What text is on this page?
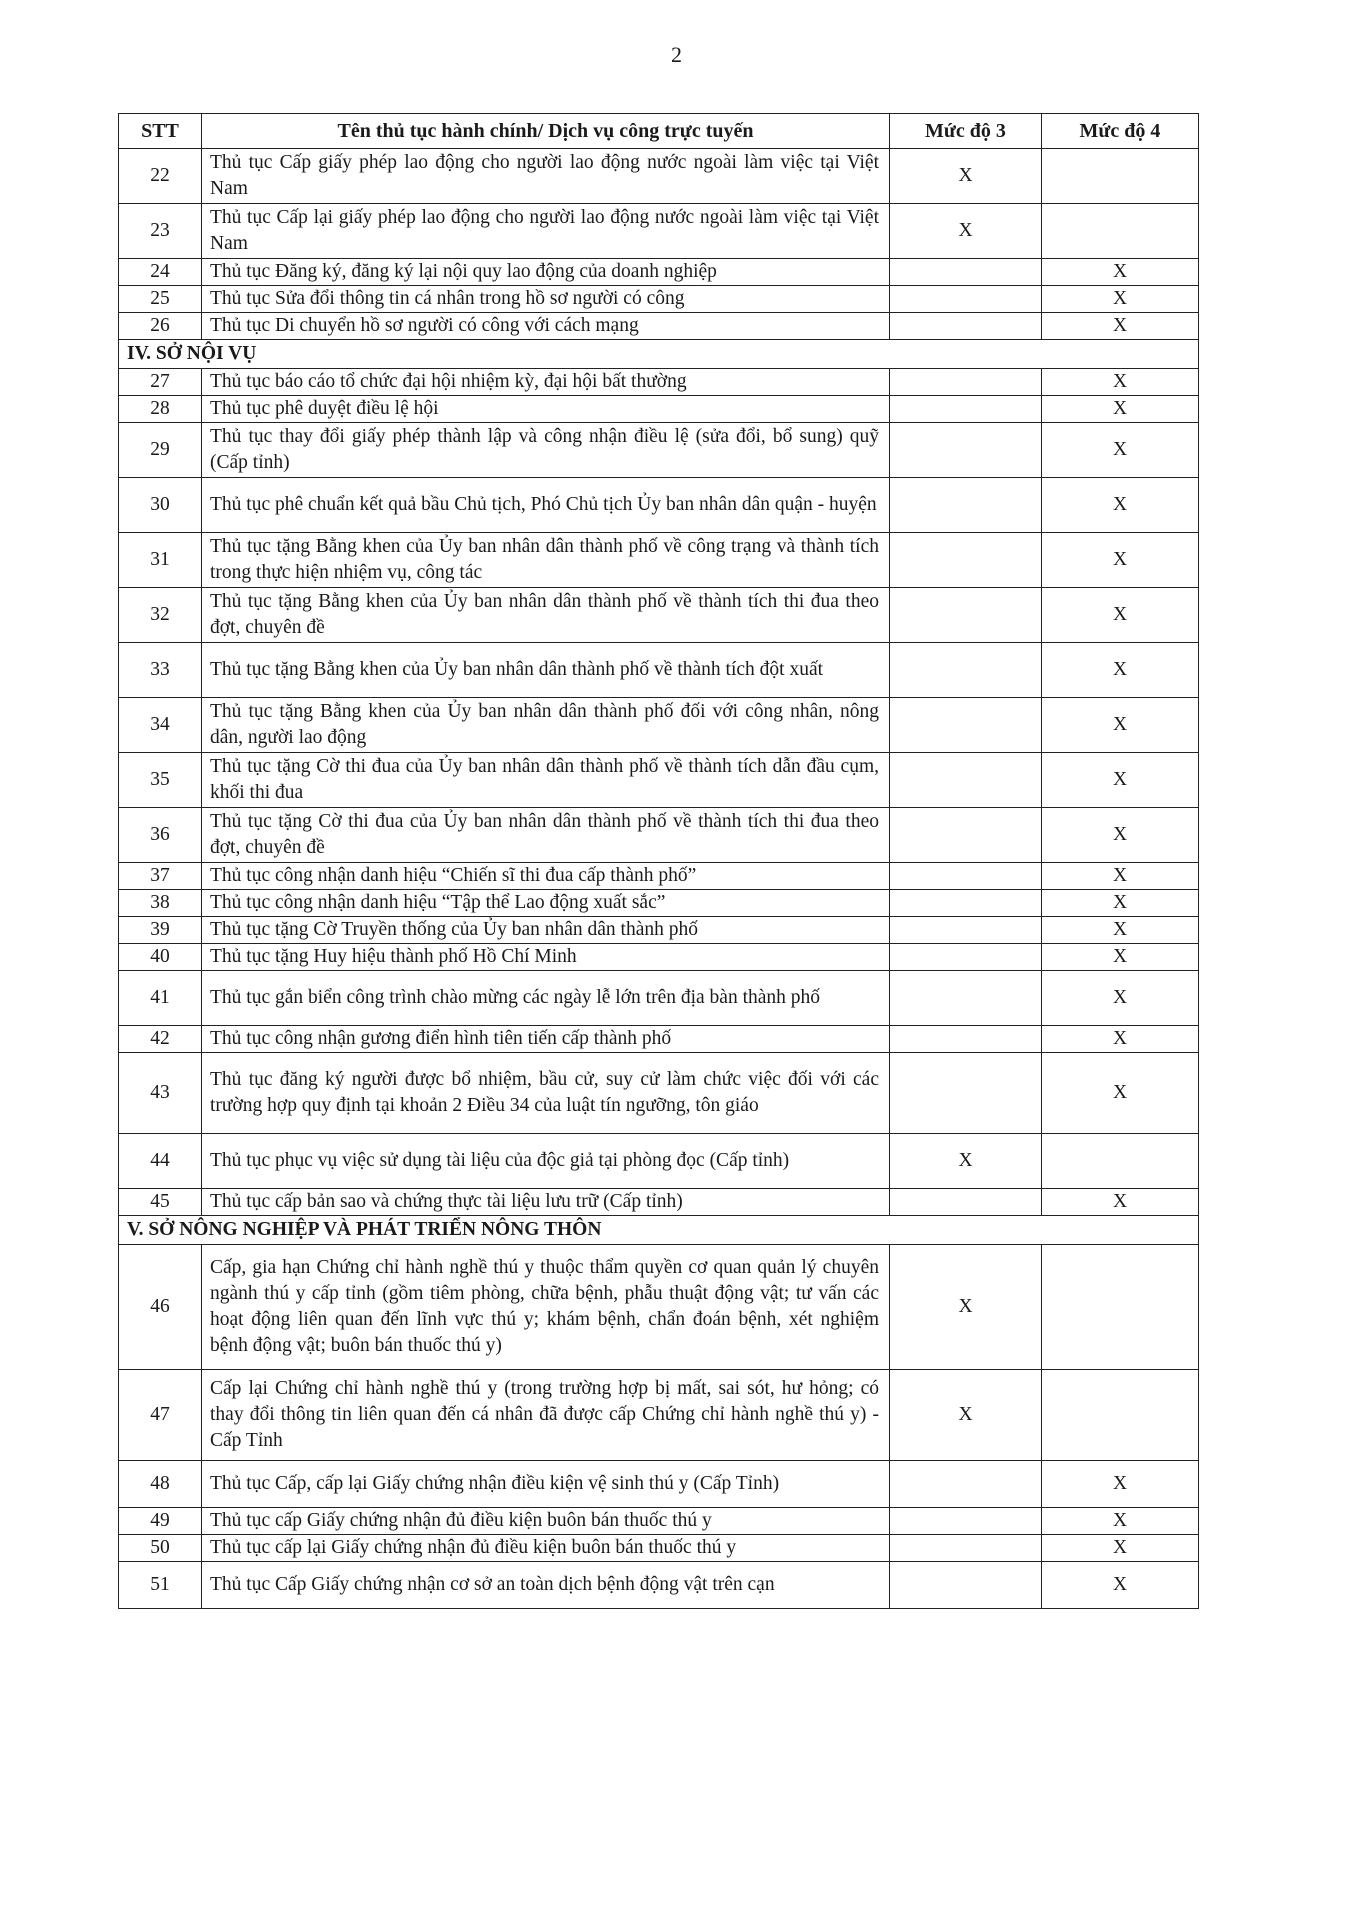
2
STT	Tên thủ tục hành chính/ Dịch vụ công trực tuyến	Mức độ 3	Mức độ 4
22	Thủ tục Cấp giấy phép lao động cho người lao động nước ngoài làm việc tại Việt Nam	X	
23	Thủ tục Cấp lại giấy phép lao động cho người lao động nước ngoài làm việc tại Việt Nam	X	
24	Thủ tục Đăng ký, đăng ký lại nội quy lao động của doanh nghiệp		X
25	Thủ tục Sửa đổi thông tin cá nhân trong hồ sơ người có công		X
26	Thủ tục Di chuyển hồ sơ người có công với cách mạng		X
IV. SỞ NỘI VỤ			
27	Thủ tục báo cáo tổ chức đại hội nhiệm kỳ, đại hội bất thường		X
28	Thủ tục phê duyệt điều lệ hội		X
29	Thủ tục thay đổi giấy phép thành lập và công nhận điều lệ (sửa đổi, bổ sung) quỹ (Cấp tỉnh)		X
30	Thủ tục phê chuẩn kết quả bầu Chủ tịch, Phó Chủ tịch Ủy ban nhân dân quận - huyện		X
31	Thủ tục tặng Bằng khen của Ủy ban nhân dân thành phố về công trạng và thành tích trong thực hiện nhiệm vụ, công tác		X
32	Thủ tục tặng Bằng khen của Ủy ban nhân dân thành phố về thành tích thi đua theo đợt, chuyên đề		X
33	Thủ tục tặng Bằng khen của Ủy ban nhân dân thành phố về thành tích đột xuất		X
34	Thủ tục tặng Bằng khen của Ủy ban nhân dân thành phố đối với công nhân, nông dân, người lao động		X
35	Thủ tục tặng Cờ thi đua của Ủy ban nhân dân thành phố về thành tích dẫn đầu cụm, khối thi đua		X
36	Thủ tục tặng Cờ thi đua của Ủy ban nhân dân thành phố về thành tích thi đua theo đợt, chuyên đề		X
37	Thủ tục công nhận danh hiệu “Chiến sĩ thi đua cấp thành phố”		X
38	Thủ tục công nhận danh hiệu “Tập thể Lao động xuất sắc”		X
39	Thủ tục tặng Cờ Truyền thống của Ủy ban nhân dân thành phố		X
40	Thủ tục tặng Huy hiệu thành phố Hồ Chí Minh		X
41	Thủ tục gắn biển công trình chào mừng các ngày lễ lớn trên địa bàn thành phố		X
42	Thủ tục công nhận gương điển hình tiên tiến cấp thành phố		X
43	Thủ tục đăng ký người được bổ nhiệm, bầu cử, suy cử làm chức việc đối với các trường hợp quy định tại khoản 2 Điều 34 của luật tín ngưỡng, tôn giáo		X
44	Thủ tục phục vụ việc sử dụng tài liệu của độc giả tại phòng đọc (Cấp tỉnh)	X	
45	Thủ tục cấp bản sao và chứng thực tài liệu lưu trữ (Cấp tỉnh)		X
V. SỞ NÔNG NGHIỆP VÀ PHÁT TRIỂN NÔNG THÔN			
46	Cấp, gia hạn Chứng chỉ hành nghề thú y thuộc thẩm quyền cơ quan quản lý chuyên ngành thú y cấp tỉnh (gồm tiêm phòng, chữa bệnh, phẫu thuật động vật; tư vấn các hoạt động liên quan đến lĩnh vực thú y; khám bệnh, chẩn đoán bệnh, xét nghiệm bệnh động vật; buôn bán thuốc thú y)	X	
47	Cấp lại Chứng chỉ hành nghề thú y (trong trường hợp bị mất, sai sót, hư hỏng; có thay đổi thông tin liên quan đến cá nhân đã được cấp Chứng chỉ hành nghề thú y) - Cấp Tỉnh	X	
48	Thủ tục Cấp, cấp lại Giấy chứng nhận điều kiện vệ sinh thú y (Cấp Tỉnh)		X
49	Thủ tục cấp Giấy chứng nhận đủ điều kiện buôn bán thuốc thú y		X
50	Thủ tục cấp lại Giấy chứng nhận đủ điều kiện buôn bán thuốc thú y		X
51	Thủ tục Cấp Giấy chứng nhận cơ sở an toàn dịch bệnh động vật trên cạn		X
